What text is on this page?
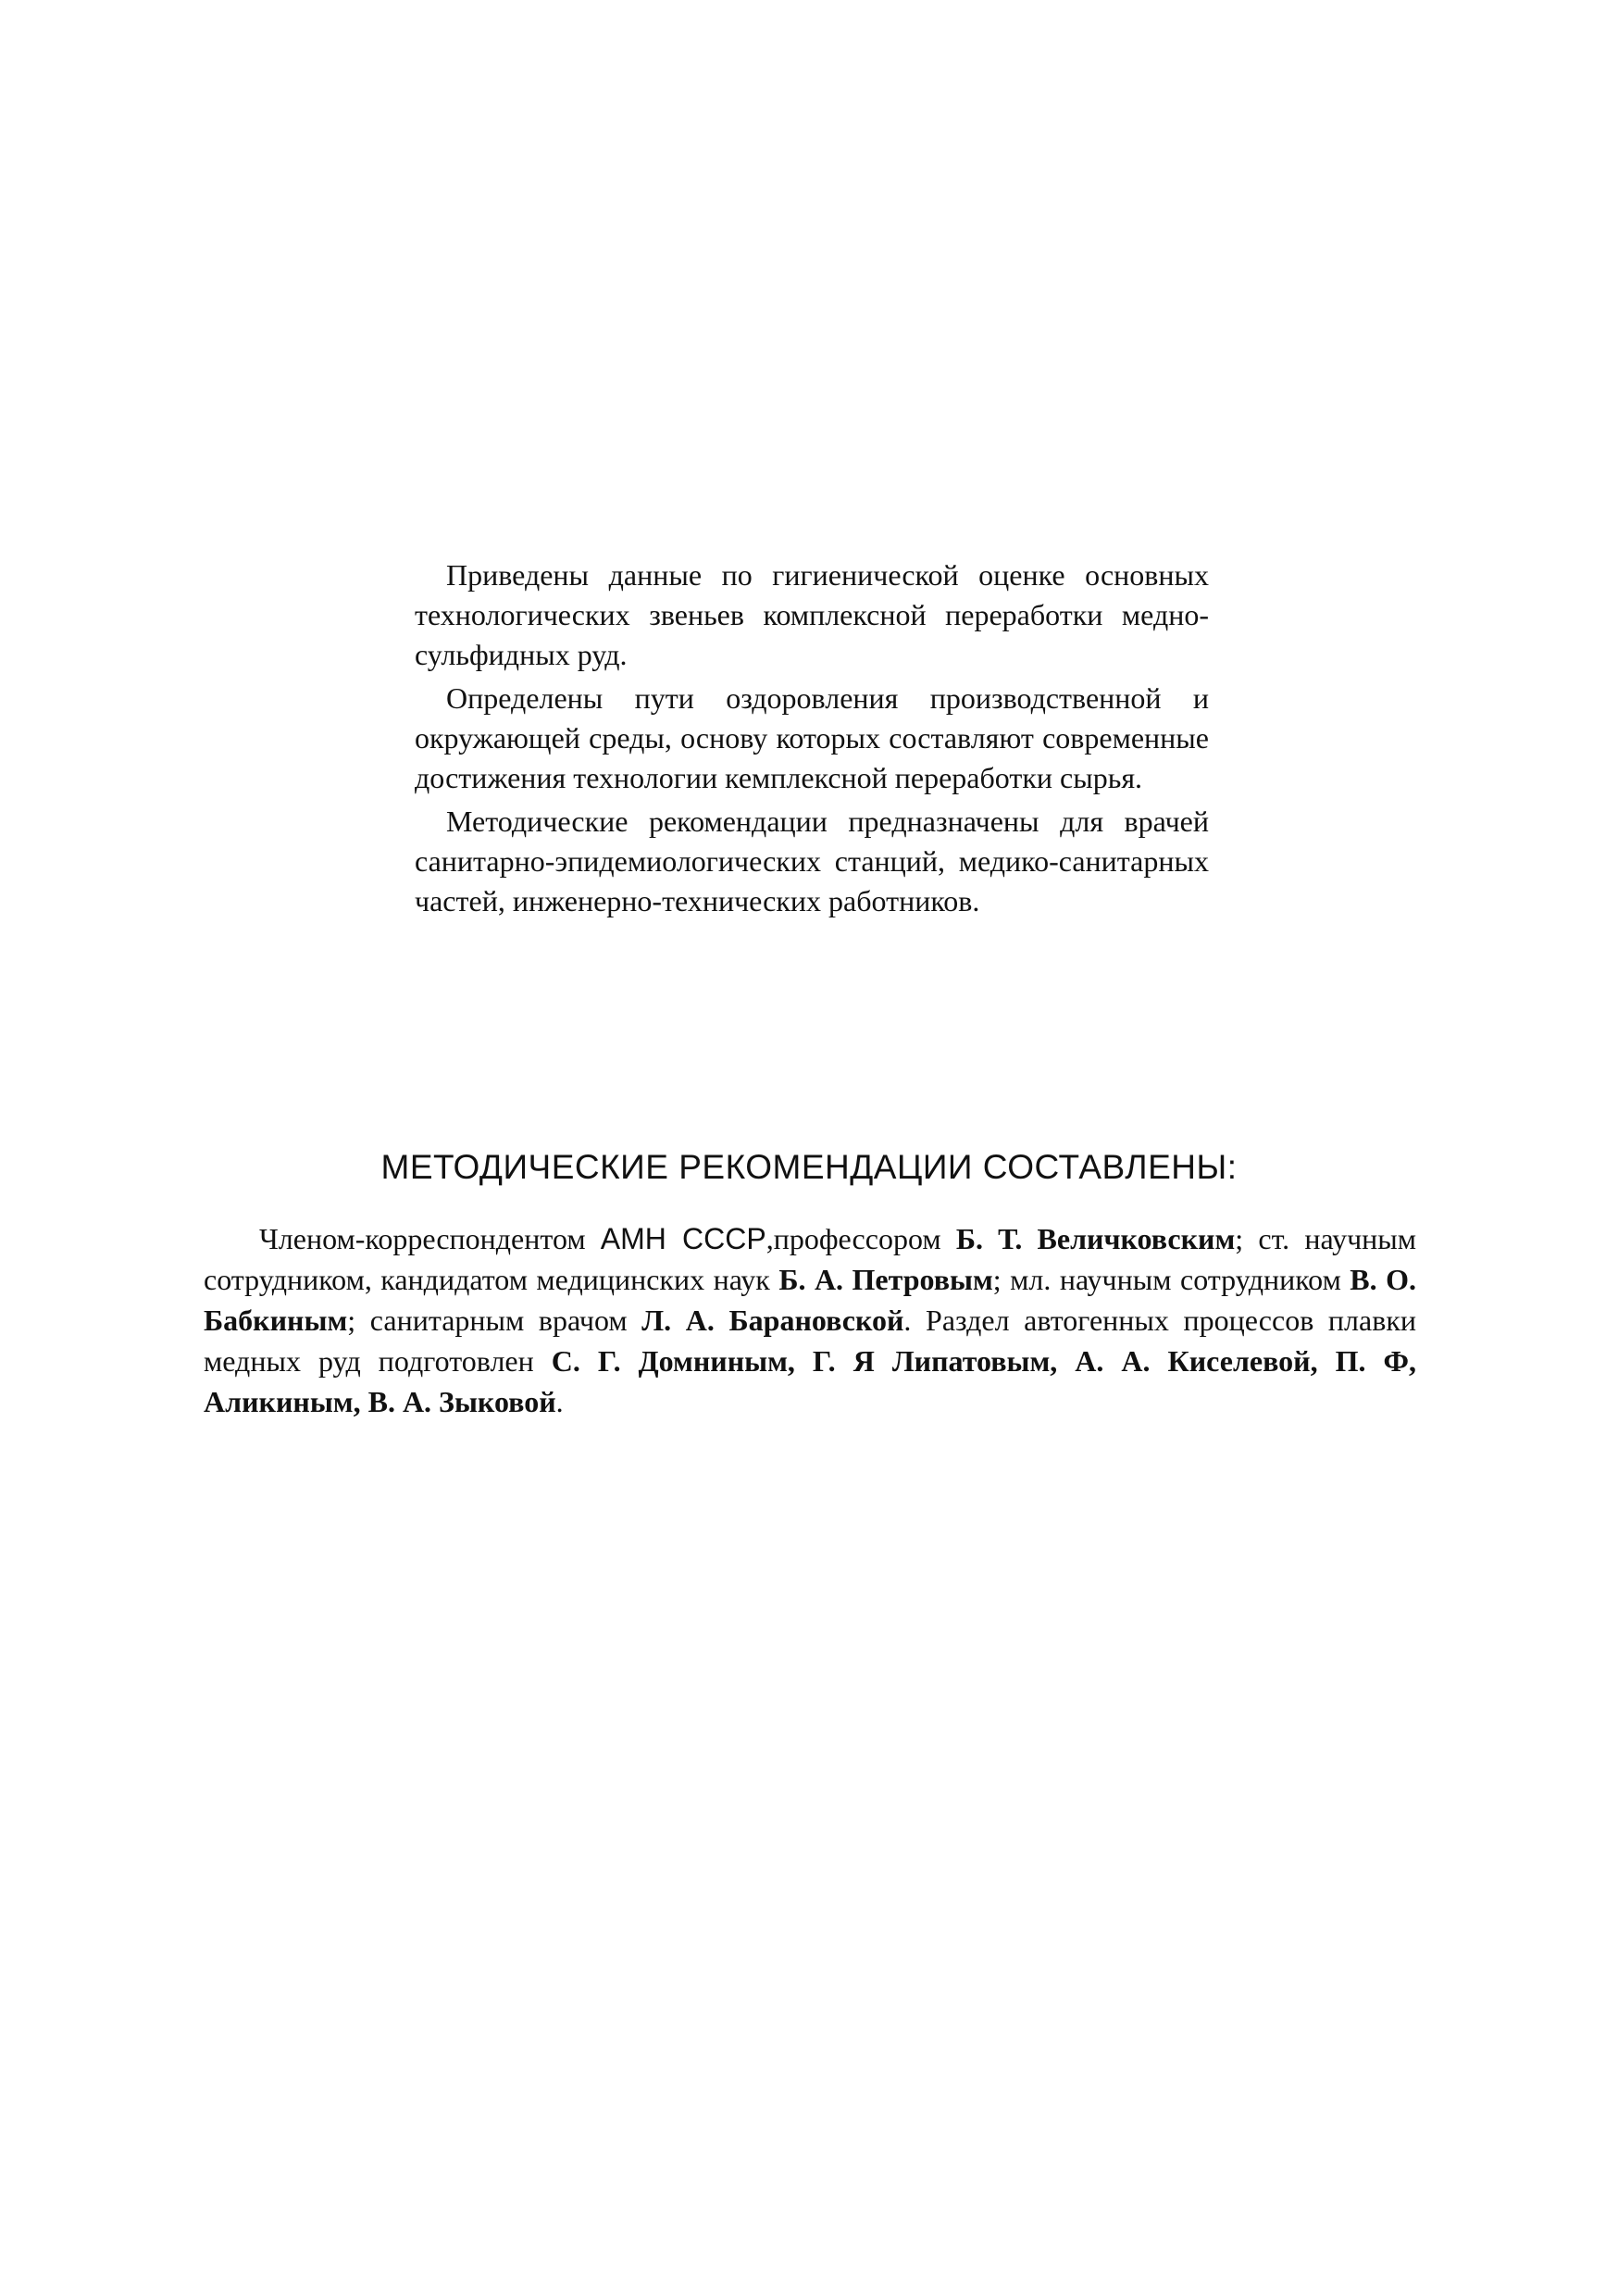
Приведены данные по гигиенической оценке основных технологических звеньев комплексной переработки медно-сульфидных руд.

Определены пути оздоровления производственной и окружающей среды, основу которых составляют современные достижения технологии кемплексной переработки сырья.

Методические рекомендации предназначены для врачей санитарно-эпидемиологических станций, медико-санитарных частей, инженерно-технических работников.

МЕТОДИЧЕСКИЕ РЕКОМЕНДАЦИИ СОСТАВЛЕНЫ:

Членом-корреспондентом АМН СССР,профессором Б. Т. Величковским; ст. научным сотрудником, кандидатом медицинских наук Б. А. Петровым; мл. научным сотрудником В. О. Бабкиным; санитарным врачом Л. А. Барановской. Раздел автогенных процессов плавки медных руд подготовлен С. Г. Домниным, Г. Я Липатовым, А. А. Киселевой, П. Ф, Аликиным, В. А. Зыковой.
